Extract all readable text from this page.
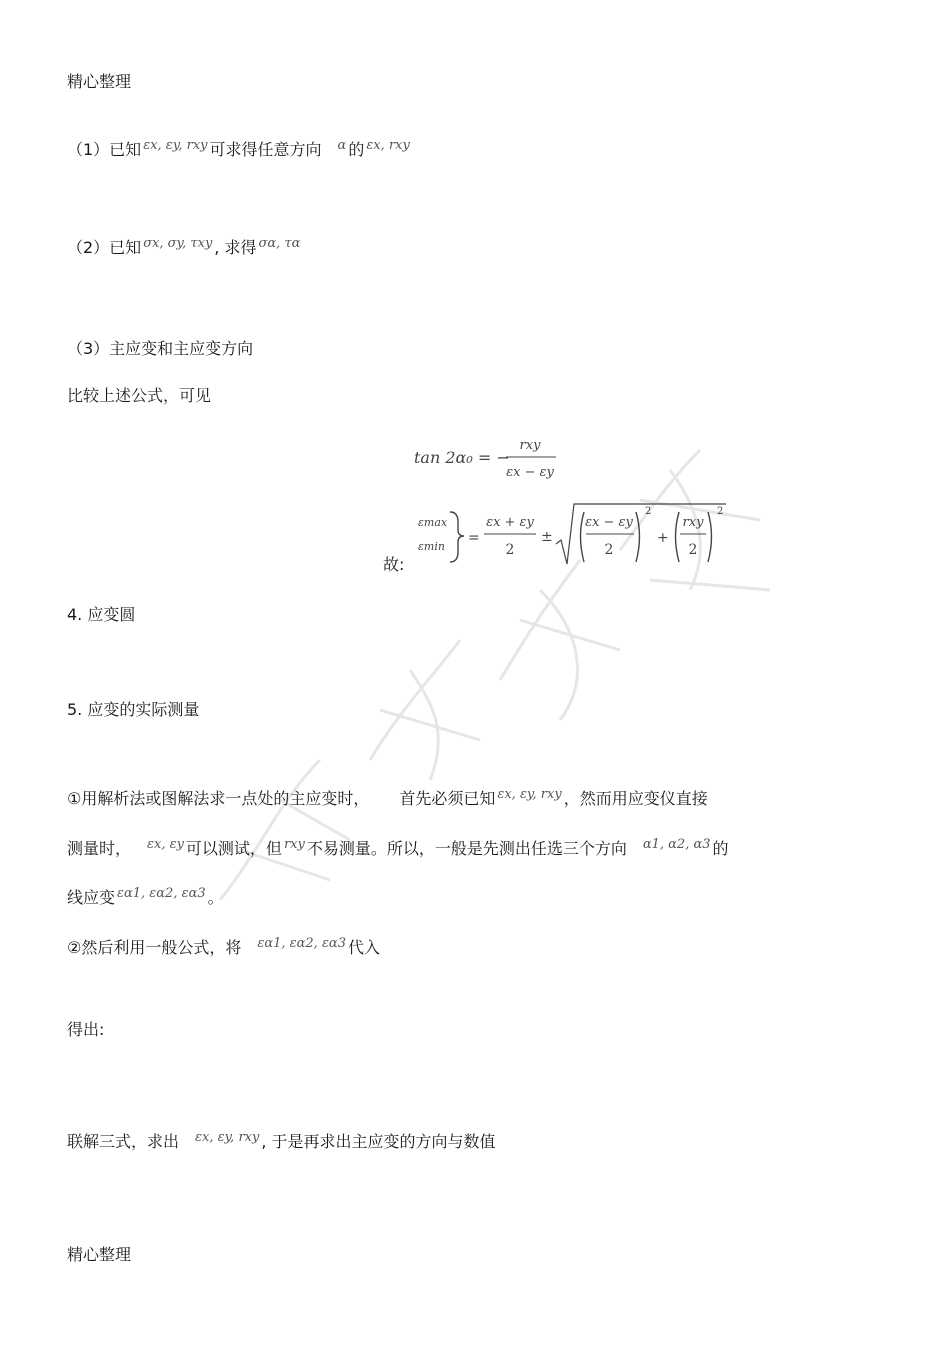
精心整理
（1）已知 εx, εy, rxy 可求得任意方向 α 的 εx, rxy
（2）已知 σx, σy, τxy , 求得 σα, τα
（3）主应变和主应变方向
比较上述公式，可见
tan 2α₀ = −
rxy
εx − εy
故:
εmax
εmin
=
εx + εy
2
±
εx − εy
2
2
+
rxy
2
2
4. 应变圆
5. 应变的实际测量
①用解析法或图解法求一点处的主应变时， 首先必须已知 εx, εy, rxy ，然而用应变仪直接
测量时， εx, εy 可以测试，但 rxy 不易测量。所以，一般是先测出任选三个方向 α1, α2, α3 的
线应变 εα1, εα2, εα3 。
②然后利用一般公式，将 εα1, εα2, εα3 代入
得出:
联解三式，求出 εx, εy, rxy , 于是再求出主应变的方向与数值
精心整理
